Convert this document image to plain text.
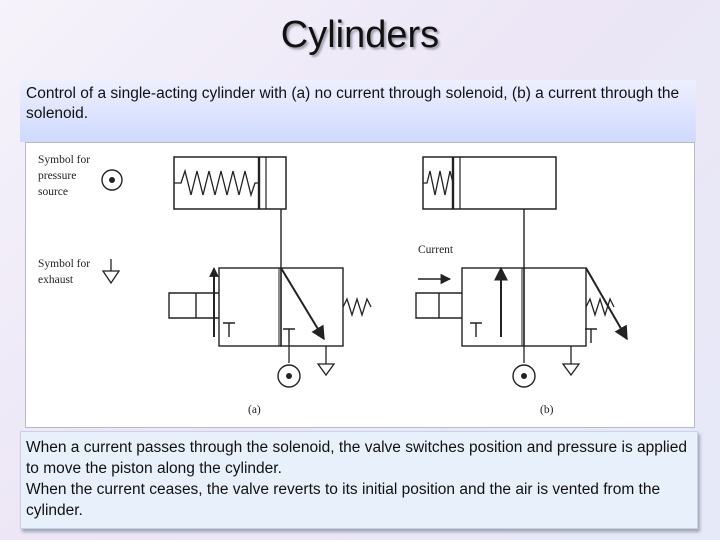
Cylinders
Control of a single-acting cylinder with (a) no current through solenoid, (b) a current through the solenoid.
Symbol for
pressure
source
Symbol for
exhaust
(a)
Current
(b)

When a current passes through the solenoid, the valve switches position and pressure is applied to move the piston along the cylinder.

When the current ceases, the valve reverts to its initial position and the air is vented from the cylinder.
